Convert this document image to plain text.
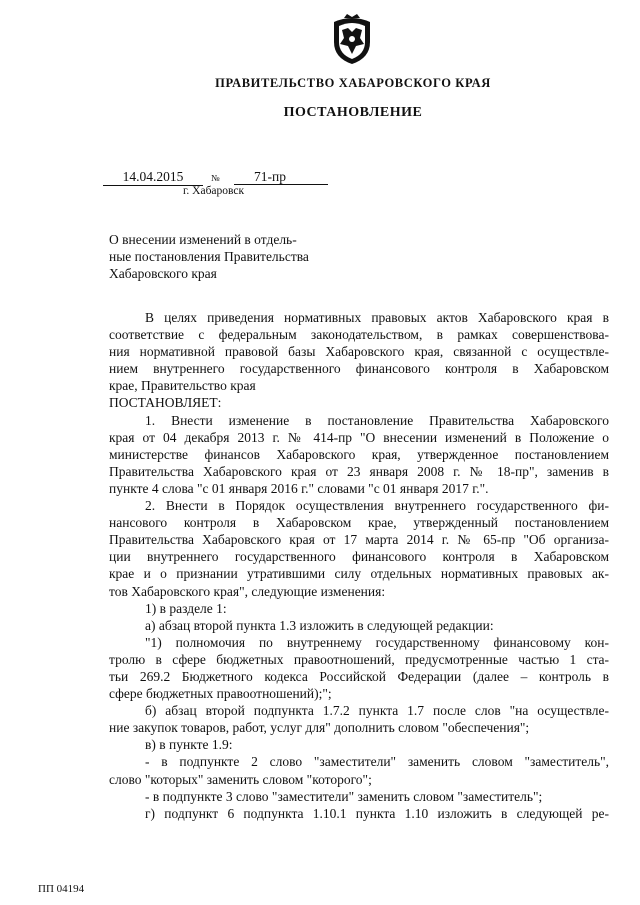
ПРАВИТЕЛЬСТВО ХАБАРОВСКОГО КРАЯ
ПОСТАНОВЛЕНИЕ
14.04.2015	№	71-пр
г. Хабаровск
О внесении изменений в отдель-
ные постановления Правительства
Хабаровского края
В целях приведения нормативных правовых актов Хабаровского края в
соответствие с федеральным законодательством, в рамках совершенствова-
ния нормативной правовой базы Хабаровского края, связанной с осуществле-
нием внутреннего государственного финансового контроля в Хабаровском
крае, Правительство края
ПОСТАНОВЛЯЕТ:
1. Внести изменение в постановление Правительства Хабаровского
края от 04 декабря 2013 г. № 414-пр "О внесении изменений в Положение о
министерстве финансов Хабаровского края, утвержденное постановлением
Правительства Хабаровского края от 23 января 2008 г. № 18-пр", заменив в
пункте 4 слова "с 01 января 2016 г." словами "с 01 января 2017 г.".
2. Внести в Порядок осуществления внутреннего государственного фи-
нансового контроля в Хабаровском крае, утвержденный постановлением
Правительства Хабаровского края от 17 марта 2014 г. № 65-пр "Об организа-
ции внутреннего государственного финансового контроля в Хабаровском
крае и о признании утратившими силу отдельных нормативных правовых ак-
тов Хабаровского края", следующие изменения:
1) в разделе 1:
а) абзац второй пункта 1.3 изложить в следующей редакции:
"1) полномочия по внутреннему государственному финансовому кон-
тролю в сфере бюджетных правоотношений, предусмотренные частью 1 стa-
тьи 269.2 Бюджетного кодекса Российской Федерации (далее – контроль в
сфере бюджетных правоотношений);";
б) абзац второй подпункта 1.7.2 пункта 1.7 после слов "на осуществле-
ние закупок товаров, работ, услуг для" дополнить словом "обеспечения";
в) в пункте 1.9:
- в подпункте 2 слово "заместители" заменить словом "заместитель",
слово "которых" заменить словом "которого";
- в подпункте 3 слово "заместители" заменить словом "заместитель";
г) подпункт 6 подпункта 1.10.1 пункта 1.10 изложить в следующей ре-
ПП 04194
